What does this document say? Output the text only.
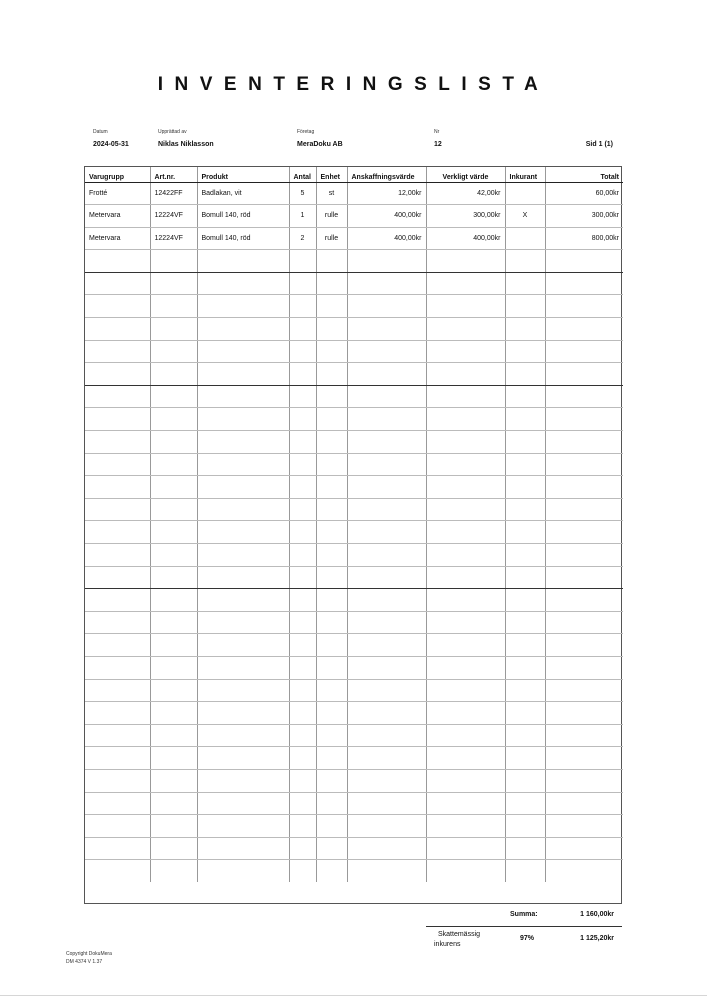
INVENTERINGSLISTA
Datum	Upprättad av	Företag	Nr
2024-05-31	Niklas Niklasson	MeraDoku AB	12	Sid 1 (1)
Varugrupp	Art.nr.	Produkt	Antal	Enhet	Anskaffningsvärde	Verkligt värde	Inkurant	Totalt
Frotté	12422FF	Badlakan, vit	5	st	12,00kr	42,00kr		60,00kr
Metervara	12224VF	Bomull 140, röd	1	rulle	400,00kr	300,00kr	X	300,00kr
Metervara	12224VF	Bomull 140, röd	2	rulle	400,00kr	400,00kr		800,00kr

Summa:	1 160,00kr
Skattemässig
inkurens
97%	1 125,20kr
Copyright DokuMera
DM 4374 V 1.37
